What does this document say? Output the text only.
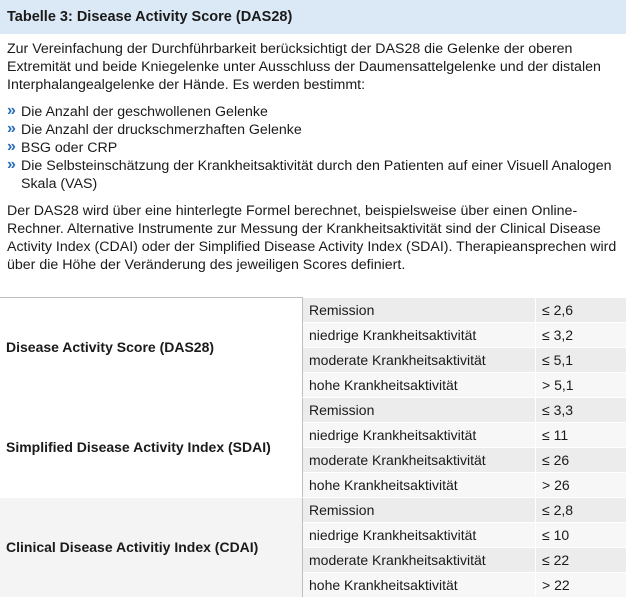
Tabelle 3: Disease Activity Score (DAS28)

Zur Vereinfachung der Durchführbarkeit berücksichtigt der DAS28 die Gelenke der oberen Extremität und beide Kniegelenke unter Ausschluss der Daumensattelgelenke und der distalen Interphalangealgelenke der Hände. Es werden bestimmt:

» Die Anzahl der geschwollenen Gelenke
» Die Anzahl der druckschmerzhaften Gelenke
» BSG oder CRP
» Die Selbsteinschätzung der Krankheitsaktivität durch den Patienten auf einer Visuell Analogen Skala (VAS)

Der DAS28 wird über eine hinterlegte Formel berechnet, beispielsweise über einen Online-Rechner. Alternative Instrumente zur Messung der Krankheitsaktivität sind der Clinical Disease Activity Index (CDAI) oder der Simplified Disease Activity Index (SDAI). Therapieansprechen wird über die Höhe der Veränderung des jeweiligen Scores definiert.

Disease Activity Score (DAS28)	Remission	≤ 2,6
	niedrige Krankheitsaktivität	≤ 3,2
	moderate Krankheitsaktivität	≤ 5,1
	hohe Krankheitsaktivität	> 5,1
Simplified Disease Activity Index (SDAI)	Remission	≤ 3,3
	niedrige Krankheitsaktivität	≤ 11
	moderate Krankheitsaktivität	≤ 26
	hohe Krankheitsaktivität	> 26
Clinical Disease Activitiy Index (CDAI)	Remission	≤ 2,8
	niedrige Krankheitsaktivität	≤ 10
	moderate Krankheitsaktivität	≤ 22
	hohe Krankheitsaktivität	> 22
